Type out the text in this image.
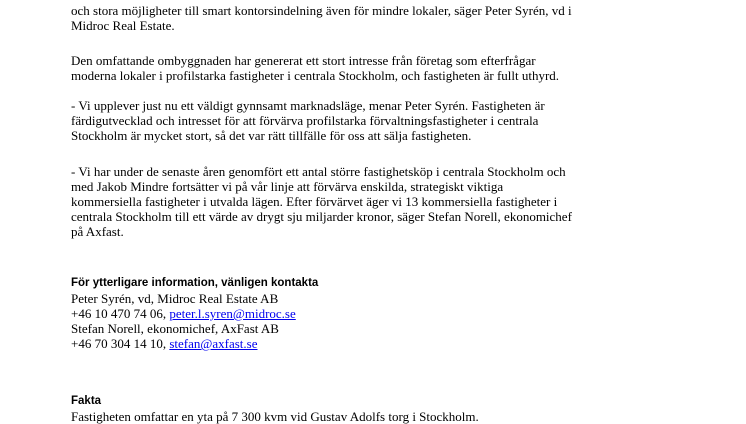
och stora möjligheter till smart kontorsindelning även för mindre lokaler, säger Peter Syrén, vd i
Midroc Real Estate.
Den omfattande ombyggnaden har genererat ett stort intresse från företag som efterfrågar
moderna lokaler i profilstarka fastigheter i centrala Stockholm, och fastigheten är fullt uthyrd.
- Vi upplever just nu ett väldigt gynnsamt marknadsläge, menar Peter Syrén. Fastigheten är
färdigutvecklad och intresset för att förvärva profilstarka förvaltningsfastigheter i centrala
Stockholm är mycket stort, så det var rätt tillfälle för oss att sälja fastigheten.
- Vi har under de senaste åren genomfört ett antal större fastighetsköp i centrala Stockholm och
med Jakob Mindre fortsätter vi på vår linje att förvärva enskilda, strategiskt viktiga
kommersiella fastigheter i utvalda lägen. Efter förvärvet äger vi 13 kommersiella fastigheter i
centrala Stockholm till ett värde av drygt sju miljarder kronor, säger Stefan Norell, ekonomichef
på Axfast.
För ytterligare information, vänligen kontakta
Peter Syrén, vd, Midroc Real Estate AB
+46 10 470 74 06, peter.l.syren@midroc.se
Stefan Norell, ekonomichef, AxFast AB
+46 70 304 14 10, stefan@axfast.se
Fakta
Fastigheten omfattar en yta på 7 300 kvm vid Gustav Adolfs torg i Stockholm.
